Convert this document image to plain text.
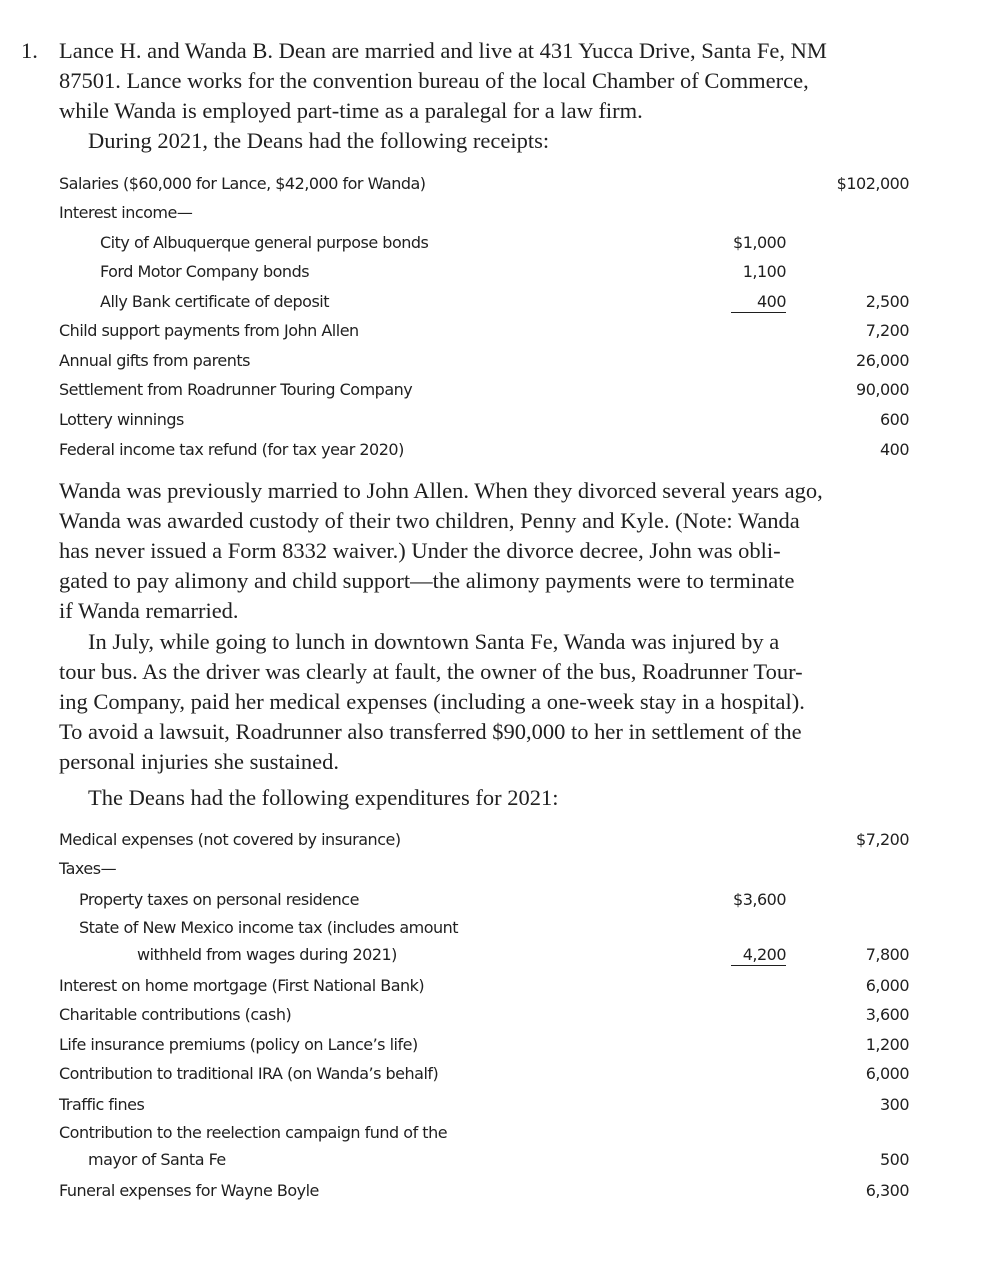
1. Lance H. and Wanda B. Dean are married and live at 431 Yucca Drive, Santa Fe, NM
87501. Lance works for the convention bureau of the local Chamber of Commerce,
while Wanda is employed part-time as a paralegal for a law firm.
During 2021, the Deans had the following receipts:
Salaries ($60,000 for Lance, $42,000 for Wanda)	$102,000
Interest income—
City of Albuquerque general purpose bonds	$1,000
Ford Motor Company bonds	1,100
Ally Bank certificate of deposit	400	2,500
Child support payments from John Allen	7,200
Annual gifts from parents	26,000
Settlement from Roadrunner Touring Company	90,000
Lottery winnings	600
Federal income tax refund (for tax year 2020)	400
Wanda was previously married to John Allen. When they divorced several years ago,
Wanda was awarded custody of their two children, Penny and Kyle. (Note: Wanda
has never issued a Form 8332 waiver.) Under the divorce decree, John was obli-
gated to pay alimony and child support—the alimony payments were to terminate
if Wanda remarried.
In July, while going to lunch in downtown Santa Fe, Wanda was injured by a
tour bus. As the driver was clearly at fault, the owner of the bus, Roadrunner Tour-
ing Company, paid her medical expenses (including a one-week stay in a hospital).
To avoid a lawsuit, Roadrunner also transferred $90,000 to her in settlement of the
personal injuries she sustained.
The Deans had the following expenditures for 2021:
Medical expenses (not covered by insurance)	$7,200
Taxes—
Property taxes on personal residence	$3,600
State of New Mexico income tax (includes amount
withheld from wages during 2021)	4,200	7,800
Interest on home mortgage (First National Bank)	6,000
Charitable contributions (cash)	3,600
Life insurance premiums (policy on Lance’s life)	1,200
Contribution to traditional IRA (on Wanda’s behalf)	6,000
Traffic fines	300
Contribution to the reelection campaign fund of the
mayor of Santa Fe	500
Funeral expenses for Wayne Boyle	6,300
